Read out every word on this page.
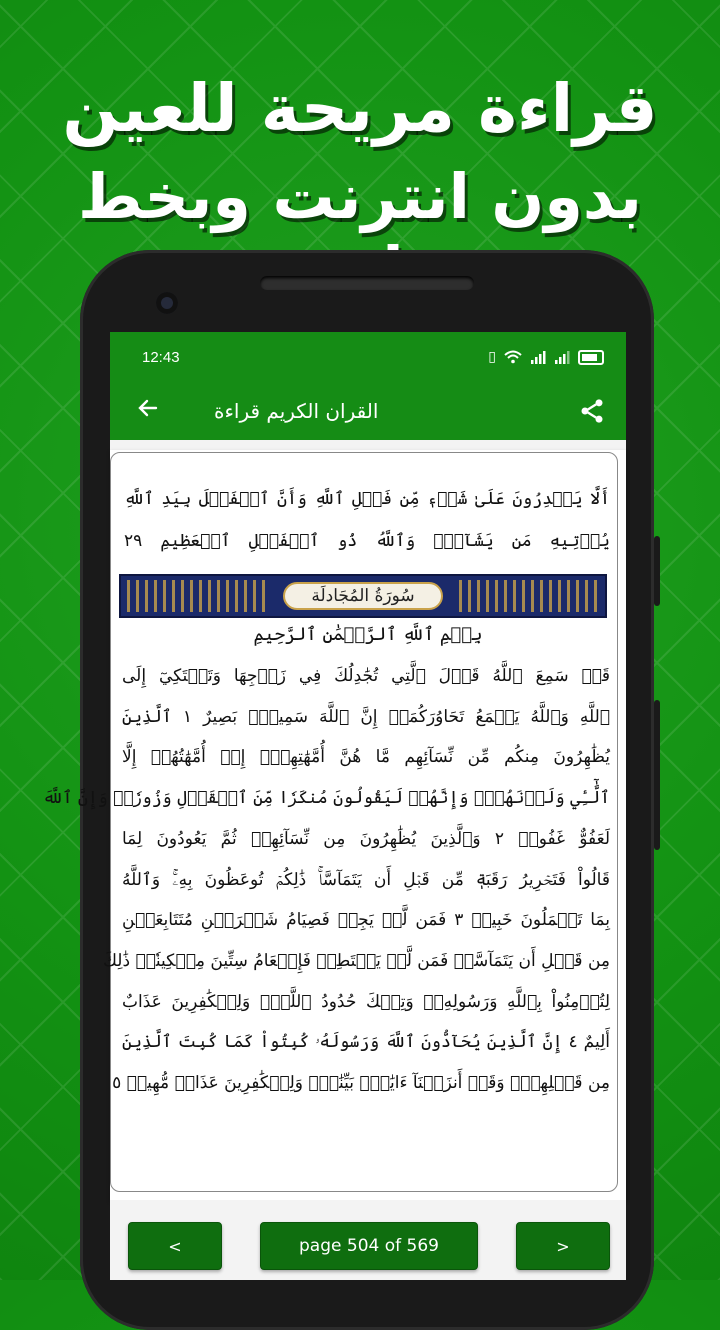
قراءة مريحة للعين
بدون انترنت وبخط
12:43	▯
القران الكريم قراءة
أَلَّا يَقۡدِرُونَ عَلَىٰ شَيۡءٖ مِّن فَضۡلِ ٱللَّهِ وَأَنَّ ٱلۡفَضۡلَ بِيَدِ ٱللَّهِ يُؤۡتِيهِ مَن يَشَآءُۚ وَٱللَّهُ ذُو ٱلۡفَضۡلِ ٱلۡعَظِيمِ ٢٩
سُورَةُ المُجَادلَة
بِسۡمِ ٱللَّهِ ٱلرَّحۡمَٰنِ ٱلرَّحِيمِ
قَدۡ سَمِعَ ٱللَّهُ قَوۡلَ ٱلَّتِي تُجَٰدِلُكَ فِي زَوۡجِهَا وَتَشۡتَكِيٓ إِلَى
ٱللَّهِ وَٱللَّهُ يَسۡمَعُ تَحَاوُرَكُمَآۚ إِنَّ ٱللَّهَ سَمِيعُۢ بَصِيرٌ ١ ٱلَّذِينَ
يُظَٰهِرُونَ مِنكُم مِّن نِّسَآئِهِم مَّا هُنَّ أُمَّهَٰتِهِمۡۖ إِنۡ أُمَّهَٰتُهُمۡ إِلَّا
ٱلَّٰٓـِٔي وَلَدۡنَهُمۡۚ وَإِنَّهُمۡ لَيَقُولُونَ مُنكَرٗا مِّنَ ٱلۡقَوۡلِ وَزُورٗاۚ وَإِنَّ ٱللَّهَ
لَعَفُوٌّ غَفُورٞ ٢ وَٱلَّذِينَ يُظَٰهِرُونَ مِن نِّسَآئِهِمۡ ثُمَّ يَعُودُونَ لِمَا
قَالُواْ فَتَحۡرِيرُ رَقَبَةٖ مِّن قَبۡلِ أَن يَتَمَآسَّاۚ ذَٰلِكُمۡ تُوعَظُونَ بِهِۦۚ وَٱللَّهُ
بِمَا تَعۡمَلُونَ خَبِيرٞ ٣ فَمَن لَّمۡ يَجِدۡ فَصِيَامُ شَهۡرَيۡنِ مُتَتَابِعَيۡنِ
مِن قَبۡلِ أَن يَتَمَآسَّاۖ فَمَن لَّمۡ يَسۡتَطِعۡ فَإِطۡعَامُ سِتِّينَ مِسۡكِينٗاۚ ذَٰلِكَ
لِتُؤۡمِنُواْ بِٱللَّهِ وَرَسُولِهِۦۚ وَتِلۡكَ حُدُودُ ٱللَّهِۗ وَلِلۡكَٰفِرِينَ عَذَابٌ
أَلِيمٌ ٤ إِنَّ ٱلَّذِينَ يُحَآدُّونَ ٱللَّهَ وَرَسُولَهُۥ كُبِتُواْ كَمَا كُبِتَ ٱلَّذِينَ
مِن قَبۡلِهِمۡۚ وَقَدۡ أَنزَلۡنَآ ءَايَٰتِۭ بَيِّنَٰتٖۚ وَلِلۡكَٰفِرِينَ عَذَابٞ مُّهِينٞ ٥
<	page 504 of 569	>
